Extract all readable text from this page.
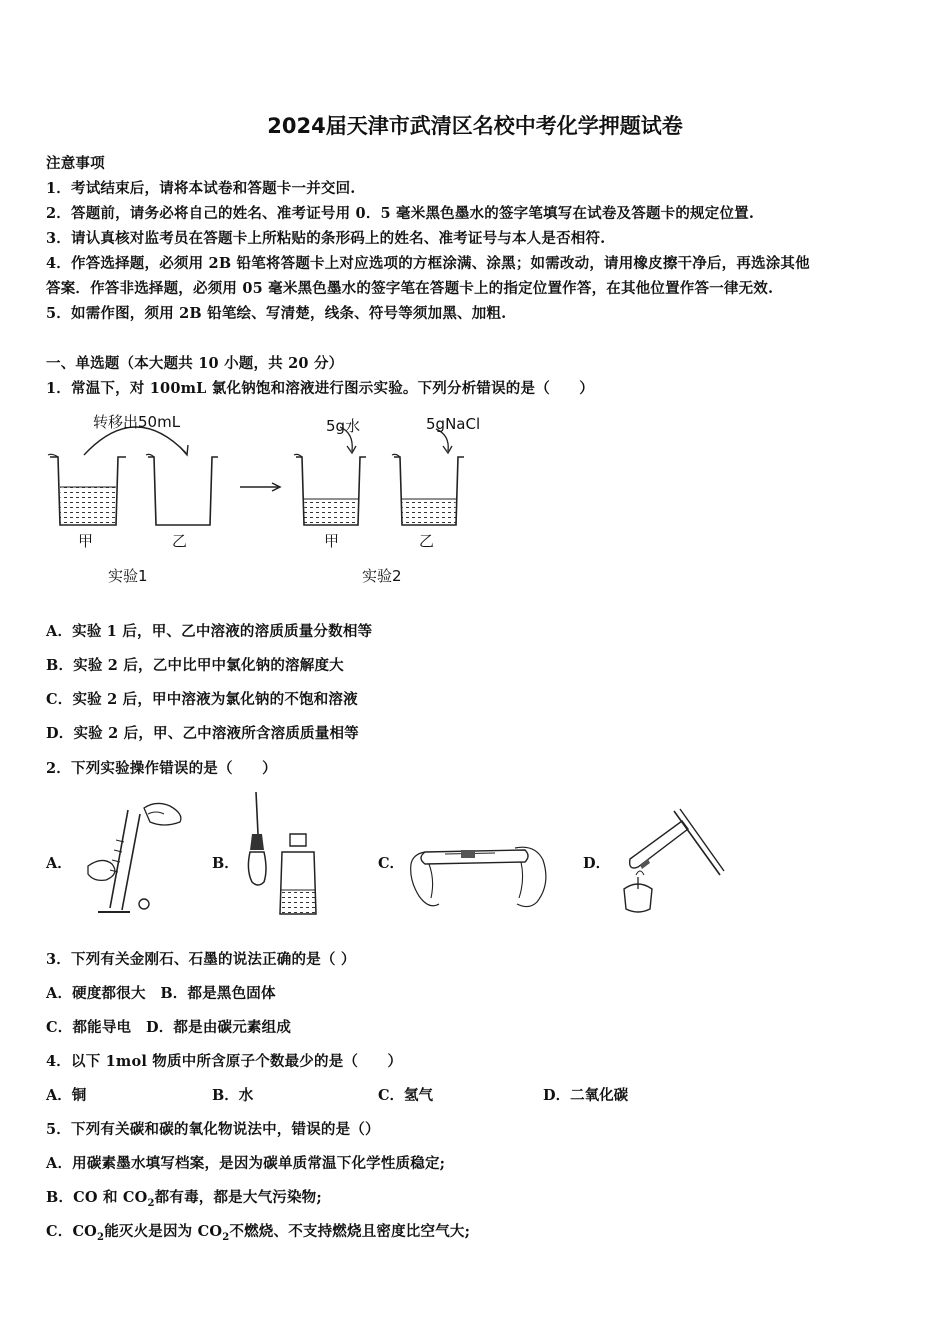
2024届天津市武清区名校中考化学押题试卷
注意事项
1．考试结束后，请将本试卷和答题卡一并交回.
2．答题前，请务必将自己的姓名、准考证号用 0．5 毫米黑色墨水的签字笔填写在试卷及答题卡的规定位置.
3．请认真核对监考员在答题卡上所粘贴的条形码上的姓名、准考证号与本人是否相符.
4．作答选择题，必须用 2B 铅笔将答题卡上对应选项的方框涂满、涂黑；如需改动，请用橡皮擦干净后，再选涂其他
答案．作答非选择题，必须用 05 毫米黑色墨水的签字笔在答题卡上的指定位置作答，在其他位置作答一律无效.
5．如需作图，须用 2B 铅笔绘、写清楚，线条、符号等须加黑、加粗.
一、单选题（本大题共 10 小题，共 20 分）
1．常温下，对 100mL 氯化钠饱和溶液进行图示实验。下列分析错误的是（　　）
转移出50mL	5g水	5gNaCl
甲	乙	甲	乙
实验1	实验2
A．实验 1 后，甲、乙中溶液的溶质质量分数相等
B．实验 2 后，乙中比甲中氯化钠的溶解度大
C．实验 2 后，甲中溶液为氯化钠的不饱和溶液
D．实验 2 后，甲、乙中溶液所含溶质质量相等
2．下列实验操作错误的是（　　）
A．	B．	C．	D．
3．下列有关金刚石、石墨的说法正确的是（ ）
A．硬度都很大　B．都是黑色固体
C．都能导电　D．都是由碳元素组成
4．以下 1mol 物质中所含原子个数最少的是（　　）
A．铜	B．水	C．氢气	D．二氧化碳
5．下列有关碳和碳的氧化物说法中，错误的是（）
A．用碳素墨水填写档案，是因为碳单质常温下化学性质稳定;
B．CO 和 $CO_2$都有毒，都是大气污染物;
C．$CO_2$能灭火是因为 $CO_2$不燃烧、不支持燃烧且密度比空气大;
